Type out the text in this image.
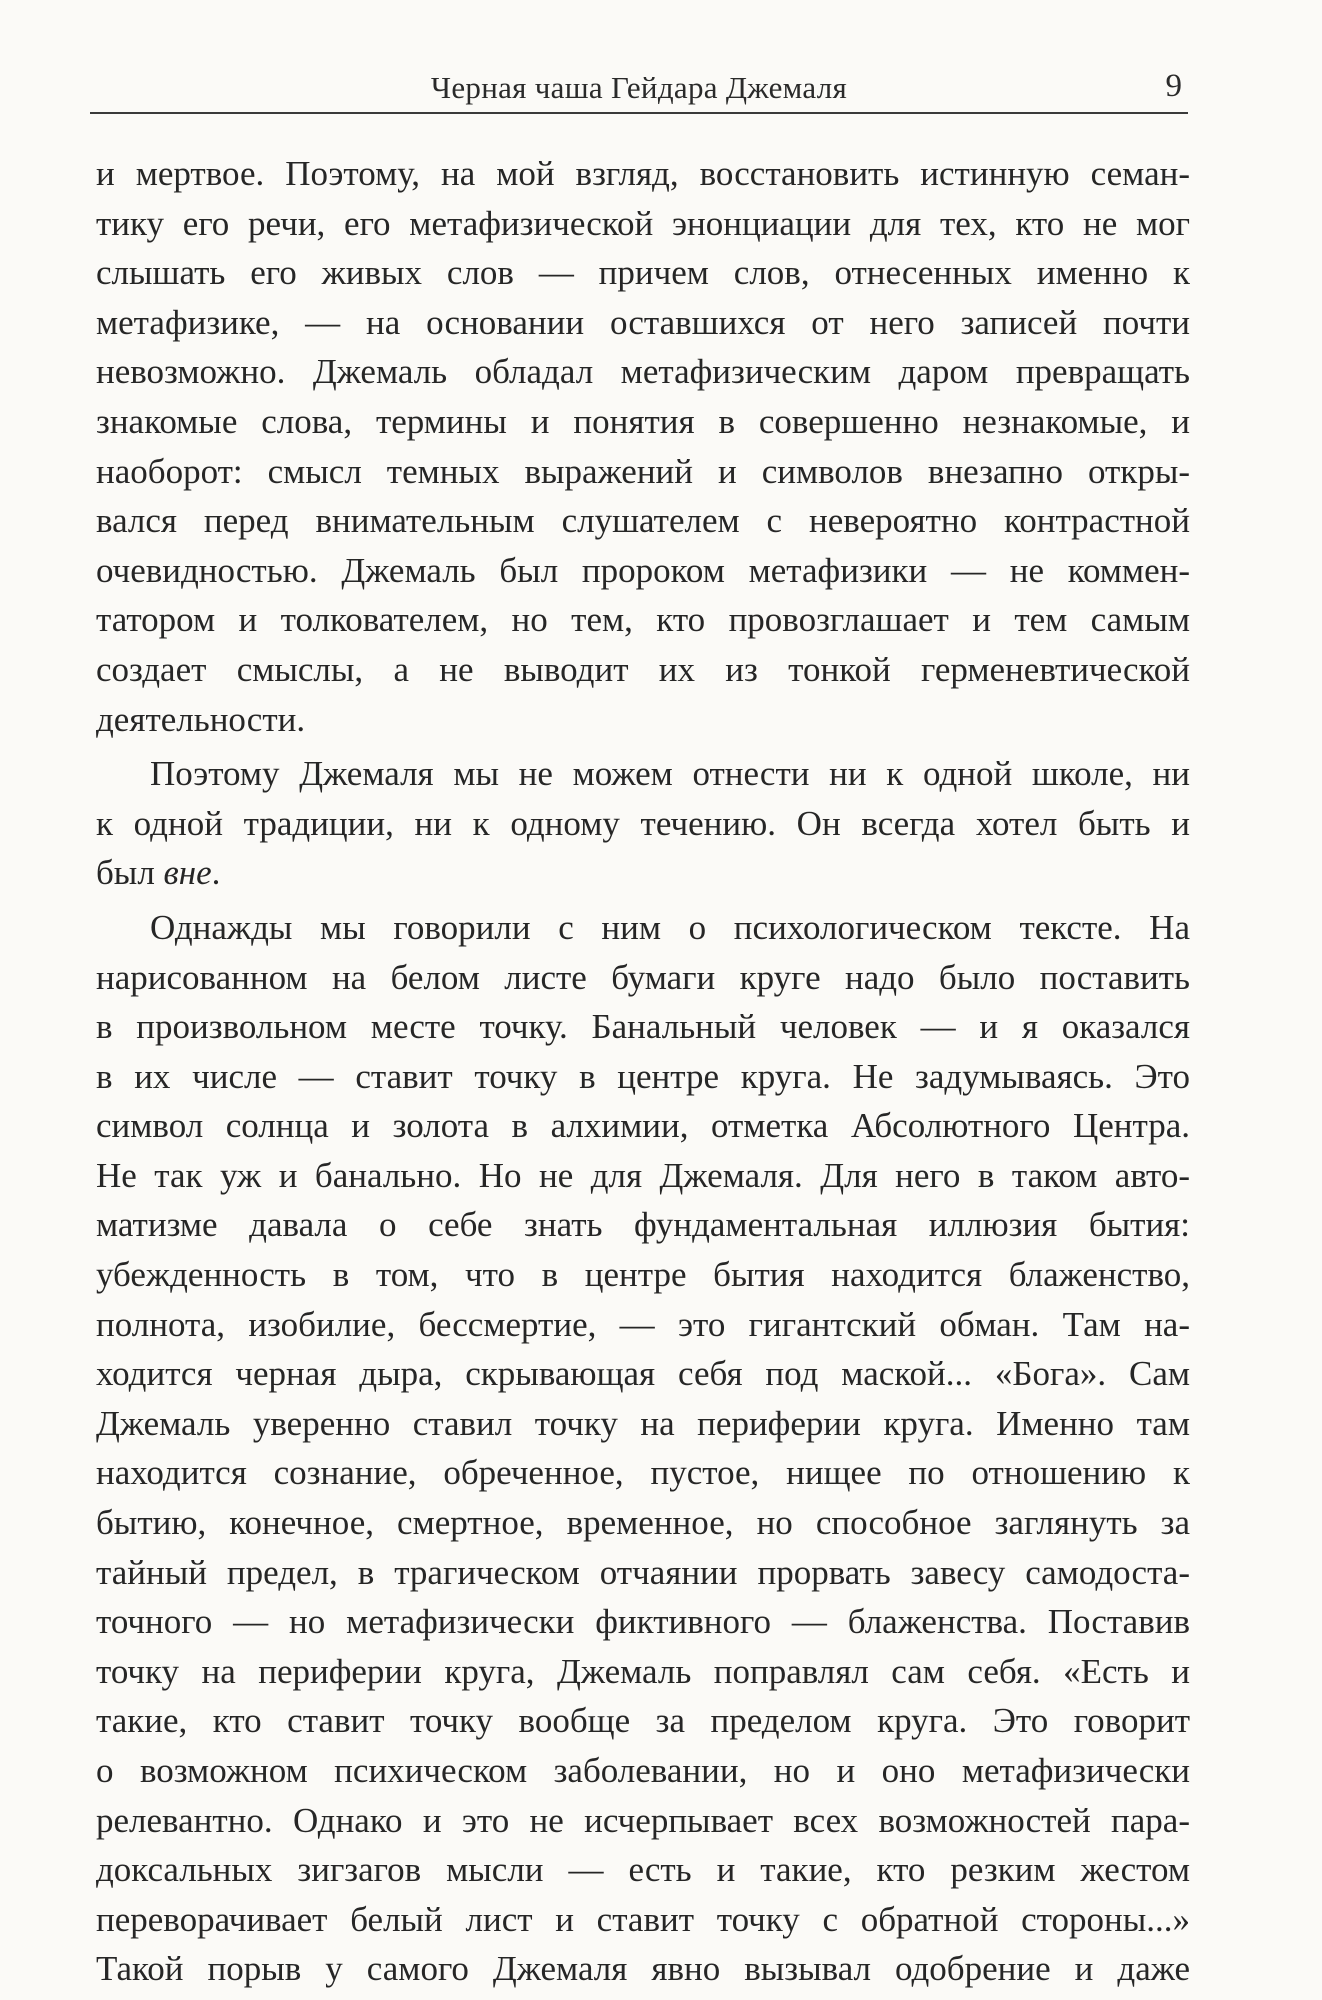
Черная чаша Гейдара Джемаля	9

и мертвое. Поэтому, на мой взгляд, восстановить истинную семан-
тику его речи, его метафизической энонциации для тех, кто не мог
слышать его живых слов — причем слов, отнесенных именно к
метафизике, — на основании оставшихся от него записей почти
невозможно. Джемаль обладал метафизическим даром превращать
знакомые слова, термины и понятия в совершенно незнакомые, и
наоборот: смысл темных выражений и символов внезапно откры-
вался перед внимательным слушателем с невероятно контрастной
очевидностью. Джемаль был пророком метафизики — не коммен-
татором и толкователем, но тем, кто провозглашает и тем самым
создает смыслы, а не выводит их из тонкой герменевтической
деятельности.

Поэтому Джемаля мы не можем отнести ни к одной школе, ни
к одной традиции, ни к одному течению. Он всегда хотел быть и
был вне.

Однажды мы говорили с ним о психологическом тексте. На
нарисованном на белом листе бумаги круге надо было поставить
в произвольном месте точку. Банальный человек — и я оказался
в их числе — ставит точку в центре круга. Не задумываясь. Это
символ солнца и золота в алхимии, отметка Абсолютного Центра.
Не так уж и банально. Но не для Джемаля. Для него в таком авто-
матизме давала о себе знать фундаментальная иллюзия бытия:
убежденность в том, что в центре бытия находится блаженство,
полнота, изобилие, бессмертие, — это гигантский обман. Там на-
ходится черная дыра, скрывающая себя под маской... «Бога». Сам
Джемаль уверенно ставил точку на периферии круга. Именно там
находится сознание, обреченное, пустое, нищее по отношению к
бытию, конечное, смертное, временное, но способное заглянуть за
тайный предел, в трагическом отчаянии прорвать завесу самодоста-
точного — но метафизически фиктивного — блаженства. Поставив
точку на периферии круга, Джемаль поправлял сам себя. «Есть и
такие, кто ставит точку вообще за пределом круга. Это говорит
о возможном психическом заболевании, но и оно метафизически
релевантно. Однако и это не исчерпывает всех возможностей пара-
доксальных зигзагов мысли — есть и такие, кто резким жестом
переворачивает белый лист и ставит точку с обратной стороны...»
Такой порыв у самого Джемаля явно вызывал одобрение и даже
